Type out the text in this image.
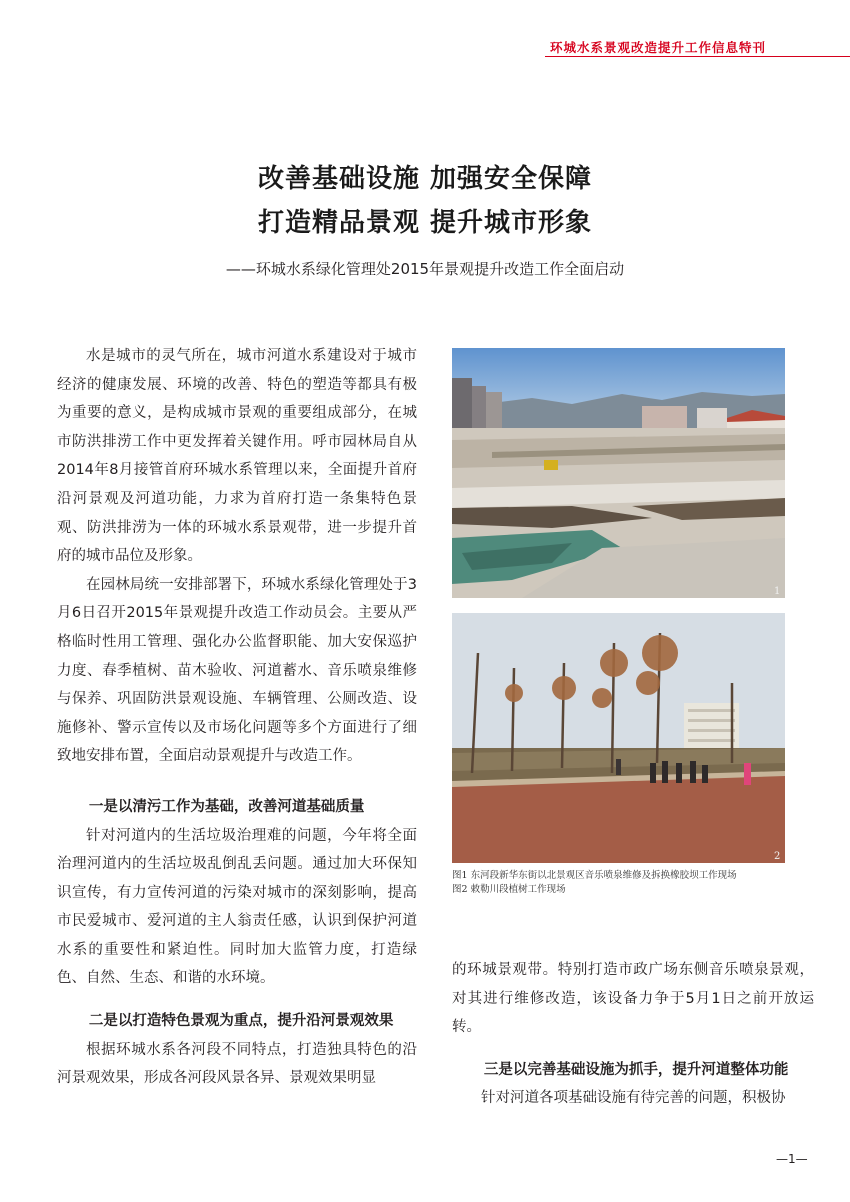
环城水系景观改造提升工作信息特刊
改善基础设施 加强安全保障
打造精品景观 提升城市形象
——环城水系绿化管理处2015年景观提升改造工作全面启动

水是城市的灵气所在，城市河道水系建设对于城市经济的健康发展、环境的改善、特色的塑造等都具有极为重要的意义，是构成城市景观的重要组成部分，在城市防洪排涝工作中更发挥着关键作用。呼市园林局自从2014年8月接管首府环城水系管理以来，全面提升首府沿河景观及河道功能，力求为首府打造一条集特色景观、防洪排涝为一体的环城水系景观带，进一步提升首府的城市品位及形象。

在园林局统一安排部署下，环城水系绿化管理处于3月6日召开2015年景观提升改造工作动员会。主要从严格临时性用工管理、强化办公监督职能、加大安保巡护力度、春季植树、苗木验收、河道蓄水、音乐喷泉维修与保养、巩固防洪景观设施、车辆管理、公厕改造、设施修补、警示宣传以及市场化问题等多个方面进行了细致地安排布置，全面启动景观提升与改造工作。

一是以清污工作为基础，改善河道基础质量

针对河道内的生活垃圾治理难的问题，今年将全面治理河道内的生活垃圾乱倒乱丢问题。通过加大环保知识宣传，有力宣传河道的污染对城市的深刻影响，提高市民爱城市、爱河道的主人翁责任感，认识到保护河道水系的重要性和紧迫性。同时加大监管力度，打造绿色、自然、生态、和谐的水环境。

二是以打造特色景观为重点，提升沿河景观效果

根据环城水系各河段不同特点，打造独具特色的沿河景观效果，形成各河段风景各异、景观效果明显

1
2
图1 东河段新华东街以北景观区音乐喷泉维修及拆换橡胶坝工作现场
图2 敕勒川段植树工作现场

的环城景观带。特别打造市政广场东侧音乐喷泉景观，对其进行维修改造，该设备力争于5月1日之前开放运转。

三是以完善基础设施为抓手，提升河道整体功能

针对河道各项基础设施有待完善的问题，积极协

—1—
